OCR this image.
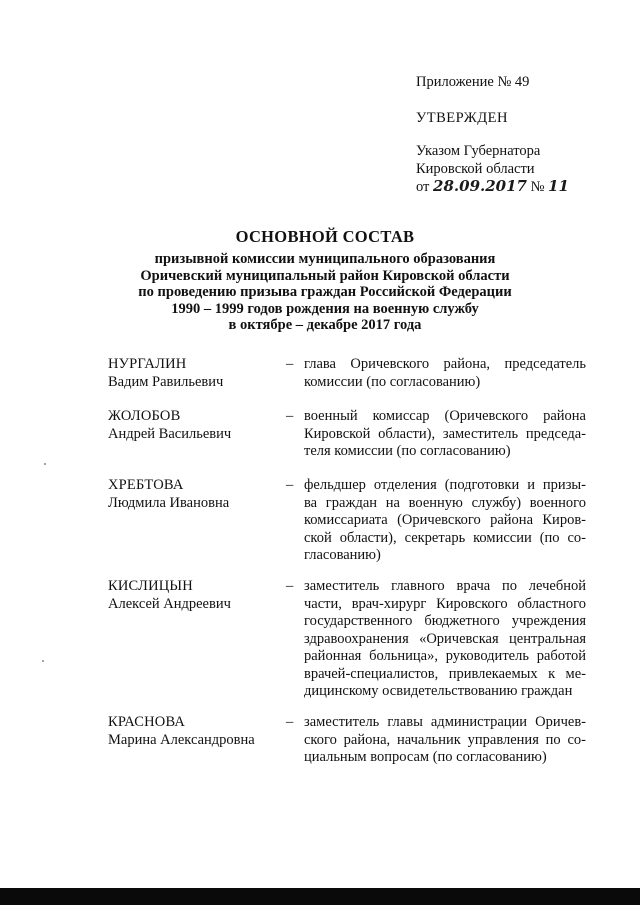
Приложение № 49
УТВЕРЖДЕН
Указом Губернатора
Кировской области
от 28.09.2017 № 11
ОСНОВНОЙ СОСТАВ
призывной комиссии муниципального образования
Оричевский муниципальный район Кировской области
по проведению призыва граждан Российской Федерации
1990 – 1999 годов рождения на военную службу
в октябре – декабре 2017 года
НУРГАЛИН
Вадим Равильевич
– глава Оричевского района, председатель
комиссии (по согласованию)
ЖОЛОБОВ
Андрей Васильевич
– военный комиссар (Оричевского района
Кировской области), заместитель председа-
теля комиссии (по согласованию)
ХРЕБТОВА
Людмила Ивановна
– фельдшер отделения (подготовки и призы-
ва граждан на военную службу) военного
комиссариата (Оричевского района Киров-
ской области), секретарь комиссии (по со-
гласованию)
КИСЛИЦЫН
Алексей Андреевич
– заместитель главного врача по лечебной
части, врач-хирург Кировского областного
государственного бюджетного учреждения
здравоохранения «Оричевская центральная
районная больница», руководитель работой
врачей-специалистов, привлекаемых к ме-
дицинскому освидетельствованию граждан
КРАСНОВА
Марина Александровна
– заместитель главы администрации Оричев-
ского района, начальник управления по со-
циальным вопросам (по согласованию)
